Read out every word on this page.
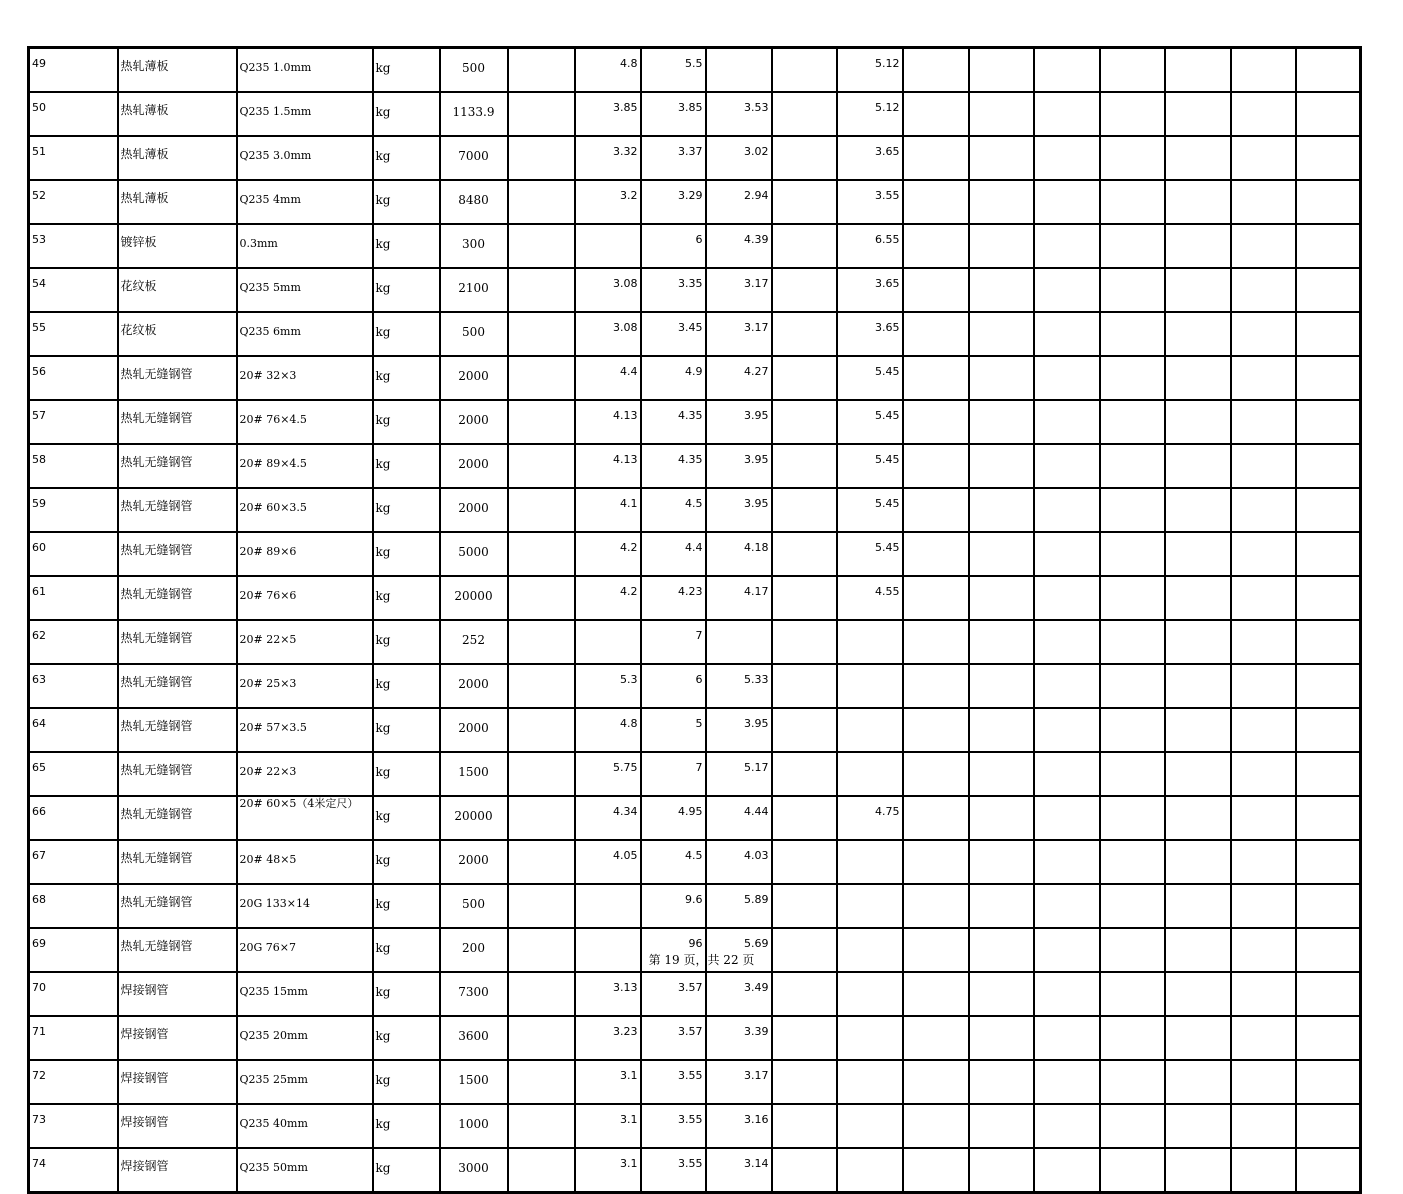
49	热轧薄板	Q235 1.0mm	kg	500		4.8	5.5			5.12							
50	热轧薄板	Q235 1.5mm	kg	1133.9		3.85	3.85	3.53		5.12							
51	热轧薄板	Q235 3.0mm	kg	7000		3.32	3.37	3.02		3.65							
52	热轧薄板	Q235 4mm	kg	8480		3.2	3.29	2.94		3.55							
53	镀锌板	0.3mm	kg	300			6	4.39		6.55							
54	花纹板	Q235 5mm	kg	2100		3.08	3.35	3.17		3.65							
55	花纹板	Q235 6mm	kg	500		3.08	3.45	3.17		3.65							
56	热轧无缝钢管	20# 32×3	kg	2000		4.4	4.9	4.27		5.45							
57	热轧无缝钢管	20# 76×4.5	kg	2000		4.13	4.35	3.95		5.45							
58	热轧无缝钢管	20# 89×4.5	kg	2000		4.13	4.35	3.95		5.45							
59	热轧无缝钢管	20# 60×3.5	kg	2000		4.1	4.5	3.95		5.45							
60	热轧无缝钢管	20# 89×6	kg	5000		4.2	4.4	4.18		5.45							
61	热轧无缝钢管	20# 76×6	kg	20000		4.2	4.23	4.17		4.55							
62	热轧无缝钢管	20# 22×5	kg	252			7										
63	热轧无缝钢管	20# 25×3	kg	2000		5.3	6	5.33									
64	热轧无缝钢管	20# 57×3.5	kg	2000		4.8	5	3.95									
65	热轧无缝钢管	20# 22×3	kg	1500		5.75	7	5.17									
66	热轧无缝钢管	20# 60×5（4米定尺）	kg	20000		4.34	4.95	4.44		4.75							
67	热轧无缝钢管	20# 48×5	kg	2000		4.05	4.5	4.03									
68	热轧无缝钢管	20G 133×14	kg	500			9.6	5.89									
69	热轧无缝钢管	20G 76×7	kg	200			96	5.69									
70	焊接钢管	Q235 15mm	kg	7300		3.13	3.57	3.49									
71	焊接钢管	Q235 20mm	kg	3600		3.23	3.57	3.39									
72	焊接钢管	Q235 25mm	kg	1500		3.1	3.55	3.17									
73	焊接钢管	Q235 40mm	kg	1000		3.1	3.55	3.16									
74	焊接钢管	Q235 50mm	kg	3000		3.1	3.55	3.14									
第 19 页，共 22 页
